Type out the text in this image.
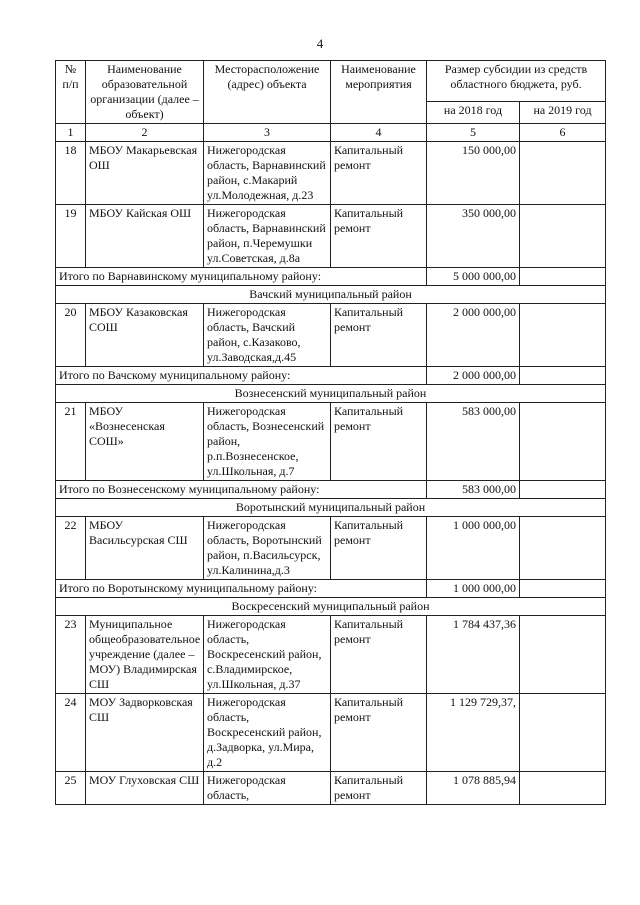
4
№ п/п	Наименование образовательной организации (далее – объект)	Месторасположение (адрес) объекта	Наименование мероприятия	Размер субсидии из средств областного бюджета, руб.	
				на 2018 год	на 2019 год
1	2	3	4	5	6
18	МБОУ Макарьевская ОШ	Нижегородская область, Варнавинский район, с.Макарий ул.Молодежная, д.23	Капитальный ремонт	150 000,00	
19	МБОУ Кайская ОШ	Нижегородская область, Варнавинский район, п.Черемушки ул.Советская, д.8а	Капитальный ремонт	350 000,00	
Итого по Варнавинскому муниципальному району:				5 000 000,00	
Вачский муниципальный район					
20	МБОУ Казаковская СОШ	Нижегородская область, Вачский район, с.Казаково, ул.Заводская,д.45	Капитальный ремонт	2 000 000,00	
Итого по Вачскому муниципальному району:				2 000 000,00	
Вознесенский муниципальный район					
21	МБОУ «Вознесенская СОШ»	Нижегородская область, Вознесенский район, р.п.Вознесенское, ул.Школьная, д.7	Капитальный ремонт	583 000,00	
Итого по Вознесенскому муниципальному району:				583 000,00	
Воротынский муниципальный район					
22	МБОУ Васильсурская СШ	Нижегородская область, Воротынский район, п.Васильсурск, ул.Калинина,д.3	Капитальный ремонт	1 000 000,00	
Итого по Воротынскому муниципальному району:				1 000 000,00	
Воскресенский муниципальный район					
23	Муниципальное общеобразовательное учреждение (далее – МОУ) Владимирская СШ	Нижегородская область, Воскресенский район, с.Владимирское, ул.Школьная, д.37	Капитальный ремонт	1 784 437,36	
24	МОУ Задворковская СШ	Нижегородская область, Воскресенский район, д.Задворка, ул.Мира, д.2	Капитальный ремонт	1 129 729,37,	
25	МОУ Глуховская СШ	Нижегородская область,	Капитальный ремонт	1 078 885,94	
